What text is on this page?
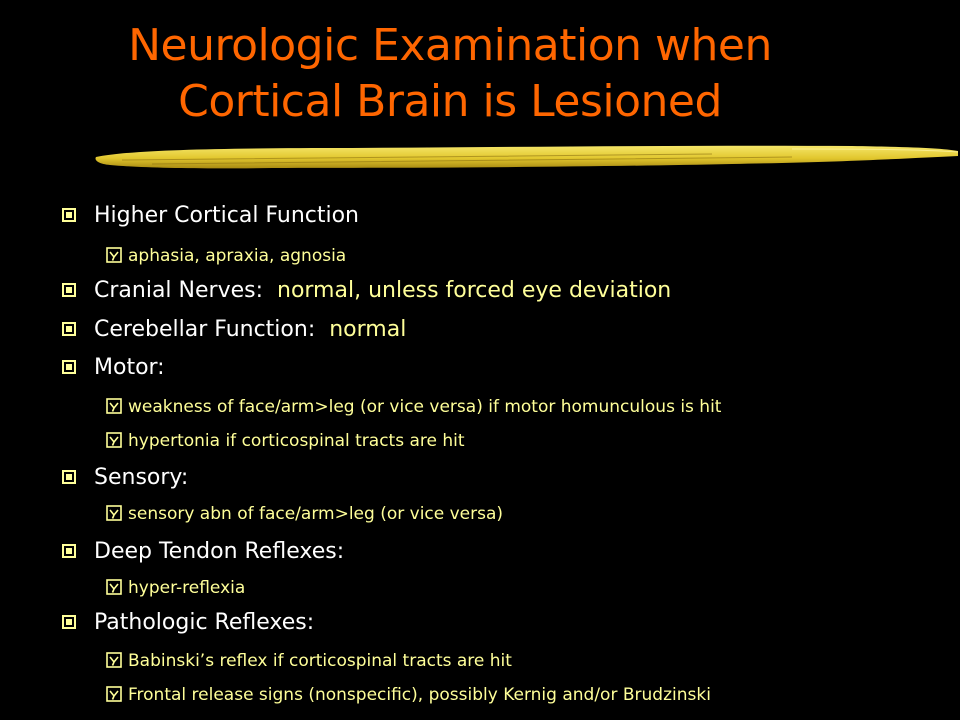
Neurologic Examination when
Cortical Brain is Lesioned
Higher Cortical Function
aphasia, apraxia, agnosia
Cranial Nerves: normal, unless forced eye deviation
Cerebellar Function: normal
Motor:
weakness of face/arm>leg (or vice versa) if motor homunculous is hit
hypertonia if corticospinal tracts are hit
Sensory:
sensory abn of face/arm>leg (or vice versa)
Deep Tendon Reflexes:
hyper-reflexia
Pathologic Reflexes:
Babinski’s reflex if corticospinal tracts are hit
Frontal release signs (nonspecific), possibly Kernig and/or Brudzinski
